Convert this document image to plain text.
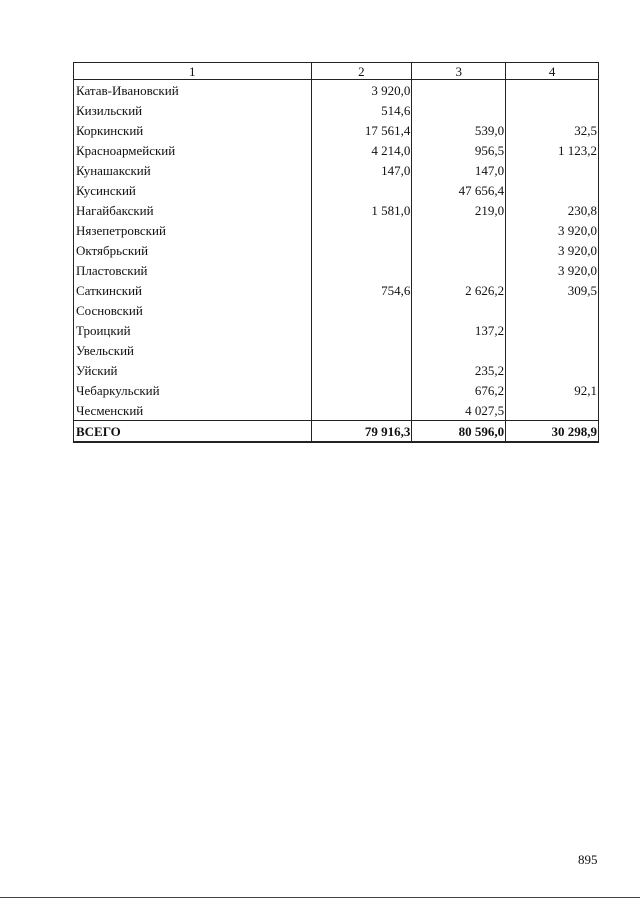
1	2	3	4
Катав-Ивановский	3 920,0		
Кизильский	514,6		
Коркинский	17 561,4	539,0	32,5
Красноармейский	4 214,0	956,5	1 123,2
Кунашакский	147,0	147,0	
Кусинский		47 656,4	
Нагайбакский	1 581,0	219,0	230,8
Нязепетровский			3 920,0
Октябрьский			3 920,0
Пластовский			3 920,0
Саткинский	754,6	2 626,2	309,5
Сосновский			
Троицкий		137,2	
Увельский			
Уйский		235,2	
Чебаркульский		676,2	92,1
Чесменский		4 027,5	
ВСЕГО	79 916,3	80 596,0	30 298,9
895
